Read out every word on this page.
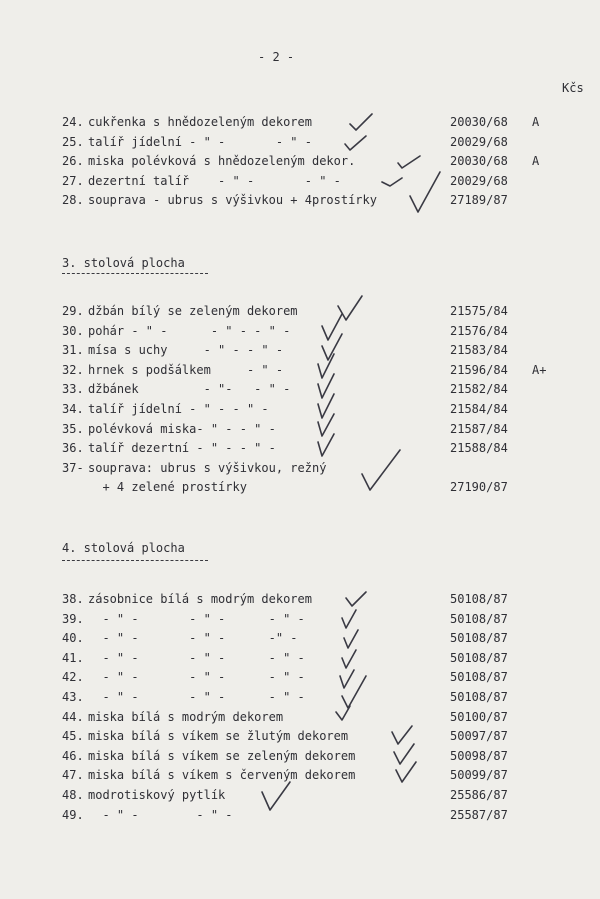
- 2 -
Kčs
24. cukřenka s hnědozeleným dekorem	20030/68 A
25. talíř jídelní - " -       - " -	20029/68
26. miska polévková s hnědozeleným dekor.	20030/68 A
27. dezertní talíř    - " -       - " -	20029/68
28. souprava - ubrus s výšivkou + 4prostírky	27189/87
3. stolová plocha
29. džbán bílý se zeleným dekorem	21575/84
30. pohár - " -      - " - - " -	21576/84
31. mísa s uchy     - " - - " -	21583/84
32. hrnek s podšálkem     - " -	21596/84 A+
33. džbánek         - "-   - " -	21582/84
34. talíř jídelní - " - - " -	21584/84
35. polévková miska- " - - " -	21587/84
36. talíř dezertní - " - - " -	21588/84
37- souprava: ubrus s výšivkou, režný
+ 4 zelené prostírky	27190/87
4. stolová plocha
38. zásobnice bílá s modrým dekorem	50108/87
39. - " -       - " -      - " -	50108/87
40. - " -       - " -      -" -	50108/87
41. - " -       - " -      - " -	50108/87
42. - " -       - " -      - " -	50108/87
43. - " -       - " -      - " -	50108/87
44. miska bílá s modrým dekorem	50100/87
45. miska bílá s víkem se žlutým dekorem	50097/87
46. miska bílá s víkem se zeleným dekorem	50098/87
47. miska bílá s víkem s červeným dekorem	50099/87
48. modrotiskový pytlík	25586/87
49. - " -        - " -	25587/87
